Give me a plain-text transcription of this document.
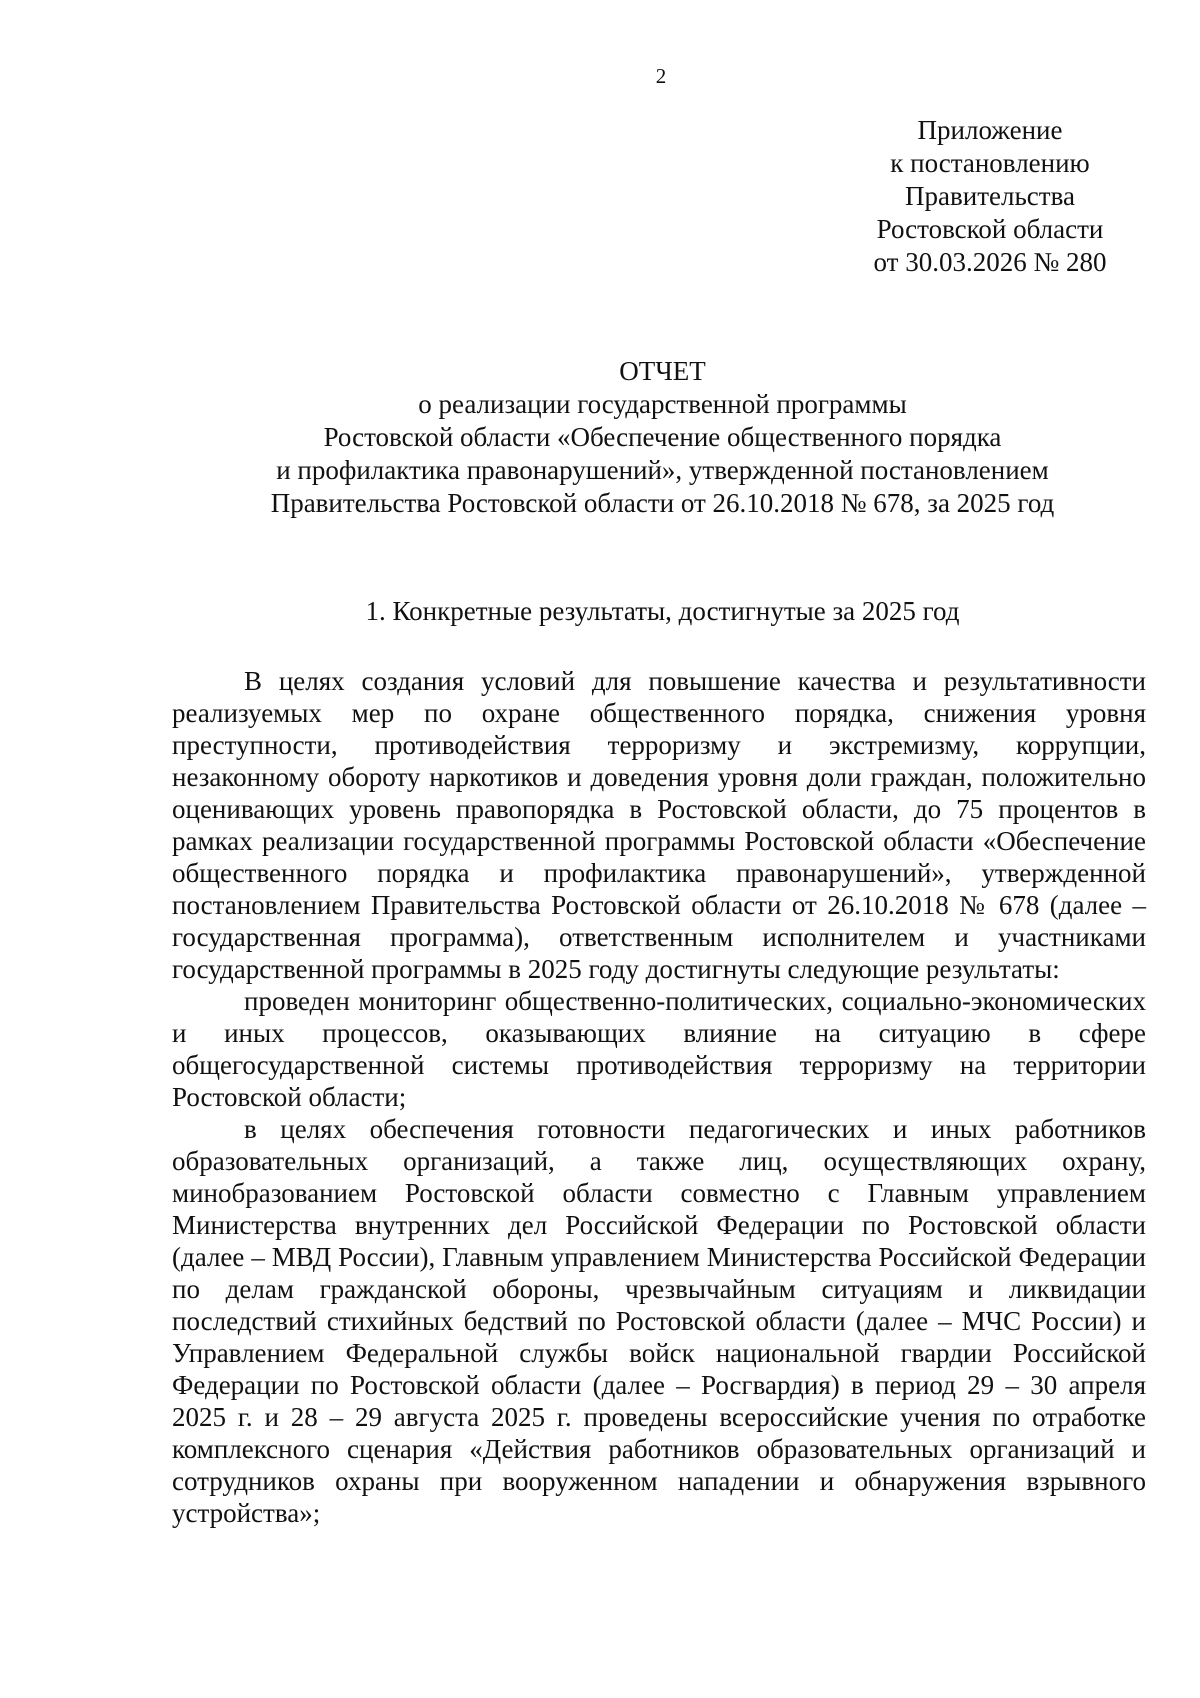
2
Приложение
к постановлению
Правительства
Ростовской области
от 30.03.2026 № 280
ОТЧЕТ
о реализации государственной программы
Ростовской области «Обеспечение общественного порядка
и профилактика правонарушений», утвержденной постановлением
Правительства Ростовской области от 26.10.2018 № 678, за 2025 год
1. Конкретные результаты, достигнутые за 2025 год

В целях создания условий для повышение качества и результативности реализуемых мер по охране общественного порядка, снижения уровня преступности, противодействия терроризму и экстремизму, коррупции, незаконному обороту наркотиков и доведения уровня доли граждан, положительно оценивающих уровень правопорядка в Ростовской области, до 75 процентов в рамках реализации государственной программы Ростовской области «Обеспечение общественного порядка и профилактика правонарушений», утвержденной постановлением Правительства Ростовской области от 26.10.2018 № 678 (далее – государственная программа), ответственным исполнителем и участниками государственной программы в 2025 году достигнуты следующие результаты:

проведен мониторинг общественно-политических, социально-экономических и иных процессов, оказывающих влияние на ситуацию в сфере общегосударственной системы противодействия терроризму на территории Ростовской области;

в целях обеспечения готовности педагогических и иных работников образовательных организаций, а также лиц, осуществляющих охрану, минобразованием Ростовской области совместно с Главным управлением Министерства внутренних дел Российской Федерации по Ростовской области (далее – МВД России), Главным управлением Министерства Российской Федерации по делам гражданской обороны, чрезвычайным ситуациям и ликвидации последствий стихийных бедствий по Ростовской области (далее – МЧС России) и Управлением Федеральной службы войск национальной гвардии Российской Федерации по Ростовской области (далее – Росгвардия) в период 29 – 30 апреля 2025 г. и 28 – 29 августа 2025 г. проведены всероссийские учения по отработке комплексного сценария «Действия работников образовательных организаций и сотрудников охраны при вооруженном нападении и обнаружения взрывного устройства»;
